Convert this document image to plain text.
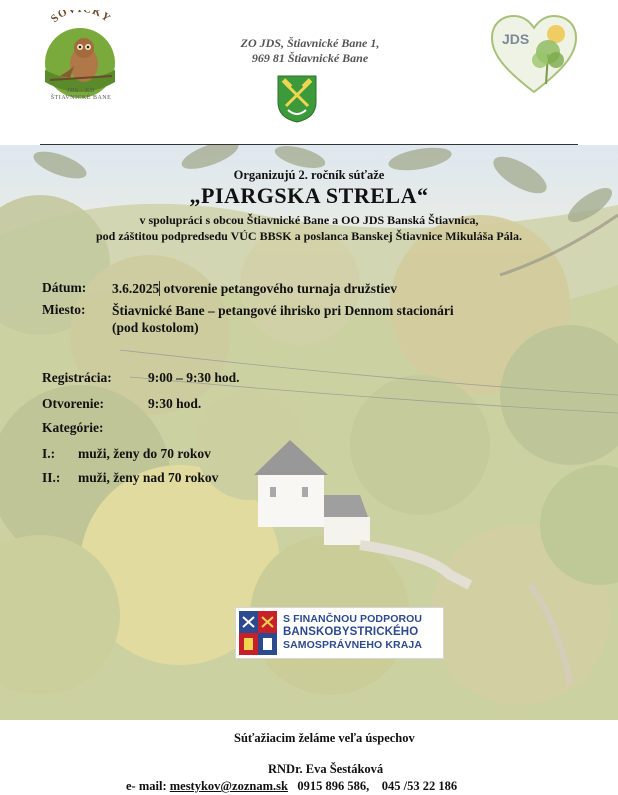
SO KY
JDS - KD
ŠTIAVNICKÉ BANE
ZO JDS, Štiavnické Bane 1,
969 81 Štiavnické Bane
JDS
Organizujú 2. ročník súťaže
„PIARGSKA STRELA“
v spolupráci s obcou Štiavnické Bane a OO JDS Banská Štiavnica,
pod záštitou podpredsedu VÚC BBSK a poslanca Banskej Štiavnice Mikuláša Pála.
Dátum: 3.6.2025 otvorenie petangového turnaja družstiev
Miesto: Štiavnické Bane – petangové ihrisko pri Dennom stacionári
(pod kostolom)
Registrácia:	9:00 – 9:30 hod.
Otvorenie:	9:30 hod.
Kategórie:
I.: muži, ženy do 70 rokov
II.: muži, ženy nad 70 rokov
S FINANČNOU PODPOROU
BANSKOBYSTRICKÉHO
SAMOSPRÁVNEHO KRAJA
Súťažiacim želáme veľa úspechov
RNDr. Eva Šestáková
e- mail: mestykov@zoznam.sk   0915 896 586,    045 /53 22 186
